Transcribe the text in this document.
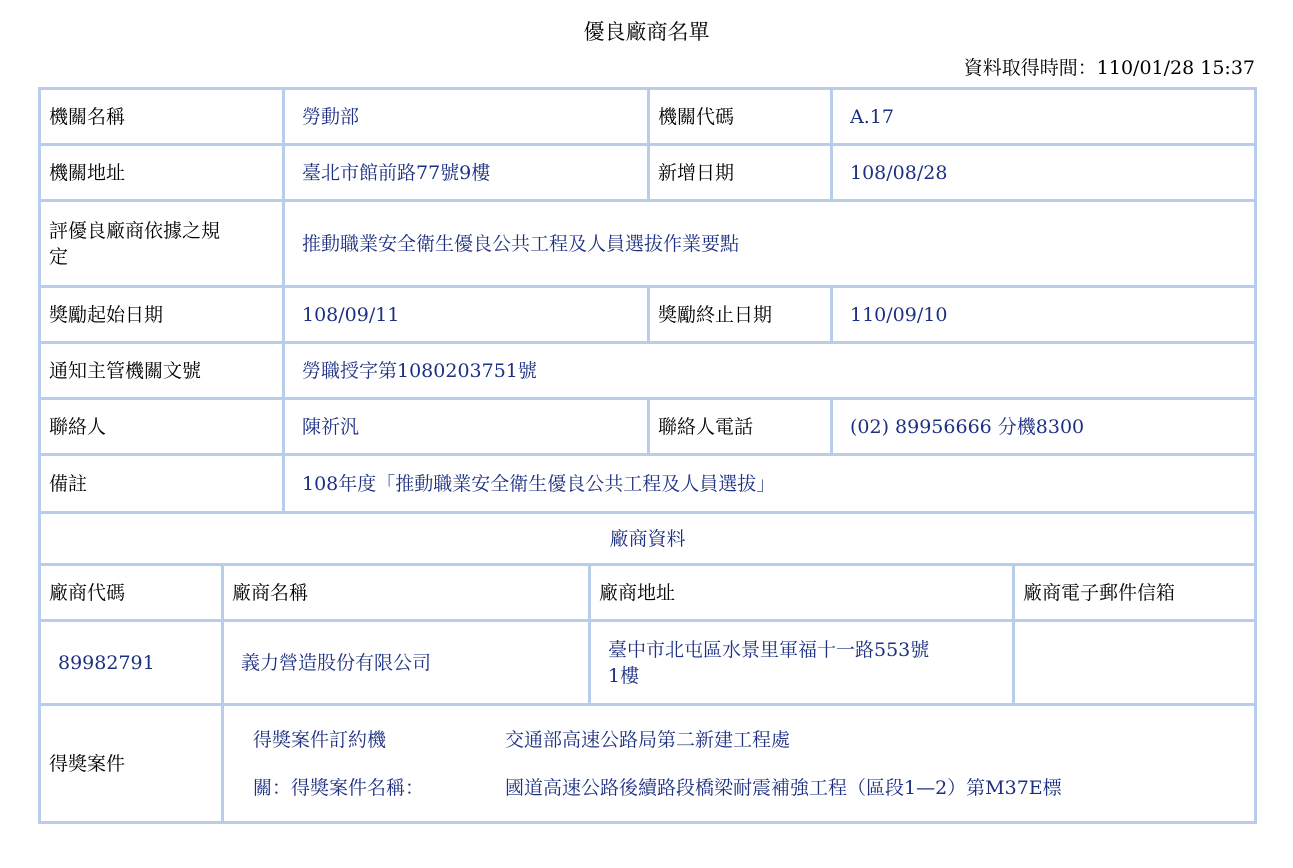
優良廠商名單
資料取得時間：110/01/28 15:37
機關名稱	勞動部	機關代碼	A.17
機關地址	臺北市館前路77號9樓	新增日期	108/08/28
評優良廠商依據之規
定	推動職業安全衛生優良公共工程及人員選拔作業要點		
獎勵起始日期	108/09/11	獎勵終止日期	110/09/10
通知主管機關文號	勞職授字第1080203751號		
聯絡人	陳祈汎	聯絡人電話	(02) 89956666 分機8300
備註	108年度「推動職業安全衛生優良公共工程及人員選拔」		
廠商資料			
廠商代碼	廠商名稱	廠商地址	廠商電子郵件信箱
89982791	義力營造股份有限公司	臺中市北屯區水景里軍福十一路553號
1樓	
得獎案件	
得獎案件訂約機	交通部高速公路局第二新建工程處
關：得獎案件名稱：	國道高速公路後續路段橋梁耐震補強工程（區段1—2）第M37E標
